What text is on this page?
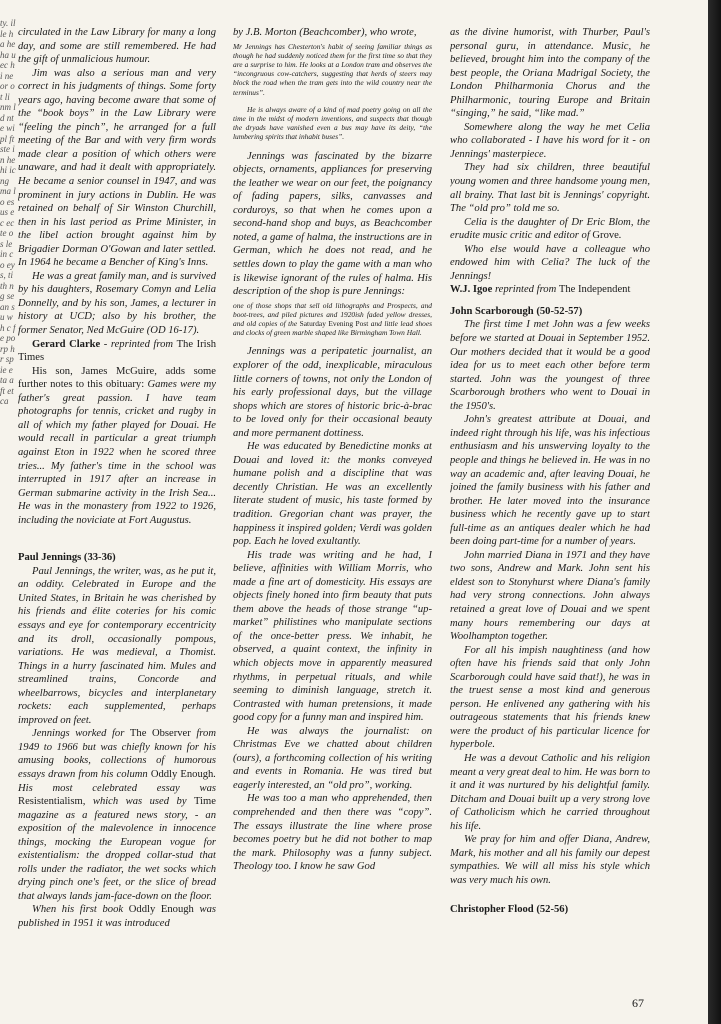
ty. il le ha he ha u ec hi ne or ot li nm ld nte wi pl ft ste in he hi ic ng ma lo es us ec ec te os le in co ey s, ti th ng se an su wh c fe po rp hr sp ie e ta aft et ca

circulated in the Law Library for many a long day, and some are still remembered. He had the gift of unmalicious humour.

Jim was also a serious man and very correct in his judgments of things. Some forty years ago, having become aware that some of the “book boys” in the Law Library were “feeling the pinch”, he arranged for a full meeting of the Bar and with very firm words made clear a position of which others were unaware, and had it dealt with appropriately. He became a senior counsel in 1947, and was prominent in jury actions in Dublin. He was retained on behalf of Sir Winston Churchill, then in his last period as Prime Minister, in the libel action brought against him by Brigadier Dorman O'Gowan and later settled. In 1964 he became a Bencher of King's Inns.

He was a great family man, and is survived by his daughters, Rosemary Comyn and Lelia Donnelly, and by his son, James, a lecturer in history at UCD; also by his brother, the former Senator, Ned McGuire (OD 16-17).

Gerard Clarke - reprinted from The Irish Times

His son, James McGuire, adds some further notes to this obituary: Games were my father's great passion. I have team photographs for tennis, cricket and rugby in all of which my father played for Douai. He would recall in particular a great triumph against Eton in 1922 when he scored three tries... My father's time in the school was interrupted in 1917 after an increase in German submarine activity in the Irish Sea... He was in the monastery from 1922 to 1926, including the noviciate at Fort Augustus.

Paul Jennings (33-36)

Paul Jennings, the writer, was, as he put it, an oddity. Celebrated in Europe and the United States, in Britain he was cherished by his friends and élite coteries for his comic essays and eye for contemporary eccentricity and its droll, occasionally pompous, variations. He was medieval, a Thomist. Things in a hurry fascinated him. Mules and streamlined trains, Concorde and wheelbarrows, bicycles and interplanetary rockets: each supplemented, perhaps improved on feet.

Jennings worked for The Observer from 1949 to 1966 but was chiefly known for his amusing books, collections of humorous essays drawn from his column Oddly Enough. His most celebrated essay was Resistentialism, which was used by Time magazine as a featured news story, - an exposition of the malevolence in innocence things, mocking the European vogue for existentialism: the dropped collar-stud that rolls under the radiator, the wet socks which drying pinch one's feet, or the slice of bread that always lands jam-face-down on the floor.

When his first book Oddly Enough was published in 1951 it was introduced

by J.B. Morton (Beachcomber), who wrote,

Mr Jennings has Chesterton's habit of seeing familiar things as though he had suddenly noticed them for the first time so that they are a surprise to him. He looks at a London tram and observes the “incongruous cow-catchers, suggesting that herds of steers may block the road when the tram gets into the wild country near the terminus”.

He is always aware of a kind of mad poetry going on all the time in the midst of modern inventions, and suspects that though the dryads have vanished even a bus may have its deity, “the lumbering spirits that inhabit buses”.

Jennings was fascinated by the bizarre objects, ornaments, appliances for preserving the leather we wear on our feet, the poignancy of fading papers, silks, canvasses and corduroys, so that when he comes upon a second-hand shop and buys, as Beachcomber noted, a game of halma, the instructions are in German, which he does not read, and he settles down to play the game with a man who is likewise ignorant of the rules of halma. His description of the shop is pure Jennings:

one of those shops that sell old lithographs and Prospects, and boot-trees, and piled pictures and 1920ish faded yellow dresses, and old copies of the Saturday Evening Post and little lead shoes and clocks of green marble shaped like Birmingham Town Hall.

Jennings was a peripatetic journalist, an explorer of the odd, inexplicable, miraculous little corners of towns, not only the London of his early professional days, but the village shops which are stores of historic bric-à-brac to be loved only for their occasional beauty and more permanent dottiness.

He was educated by Benedictine monks at Douai and loved it: the monks conveyed humane polish and a discipline that was decently Christian. He was an excellently literate student of music, his taste formed by tradition. Gregorian chant was prayer, the happiness it inspired golden; Verdi was golden pop. Each he loved exultantly.

His trade was writing and he had, I believe, affinities with William Morris, who made a fine art of domesticity. His essays are objects finely honed into firm beauty that puts them above the heads of those strange “up-market” philistines who manipulate sections of the once-better press. We inhabit, he observed, a quaint context, the infinity in which objects move in apparently measured rhythms, in perpetual rituals, and while seeming to diminish language, stretch it. Contrasted with human pretensions, it made good copy for a funny man and inspired him.

He was always the journalist: on Christmas Eve we chatted about children (ours), a forthcoming collection of his writing and events in Romania. He was tired but eagerly interested, an “old pro”, working.

He was too a man who apprehended, then comprehended and then there was “copy”. The essays illustrate the line where prose becomes poetry but he did not bother to map the mark. Philosophy was a funny subject. Theology too. I know he saw God

as the divine humorist, with Thurber, Paul's personal guru, in attendance. Music, he believed, brought him into the company of the best people, the Oriana Madrigal Society, the London Philharmonia Chorus and the Philharmonic, touring Europe and Britain “singing,” he said, “like mad.”

Somewhere along the way he met Celia who collaborated - I have his word for it - on Jennings' masterpiece.

They had six children, three beautiful young women and three handsome young men, all brainy. That last bit is Jennings' copyright. The “old pro” told me so.

Celia is the daughter of Dr Eric Blom, the erudite music critic and editor of Grove.

Who else would have a colleague who endowed him with Celia? The luck of the Jennings!

W.J. Igoe reprinted from The Independent

John Scarborough (50-52-57)

The first time I met John was a few weeks before we started at Douai in September 1952. Our mothers decided that it would be a good idea for us to meet each other before term started. John was the youngest of three Scarborough brothers who went to Douai in the 1950's.

John's greatest attribute at Douai, and indeed right through his life, was his infectious enthusiasm and his unswerving loyalty to the people and things he believed in. He was in no way an academic and, after leaving Douai, he joined the family business with his father and brother. He later moved into the insurance business which he recently gave up to start full-time as an antiques dealer which he had been doing part-time for a number of years.

John married Diana in 1971 and they have two sons, Andrew and Mark. John sent his eldest son to Stonyhurst where Diana's family had very strong connections. John always retained a great love of Douai and we spent many hours remembering our days at Woolhampton together.

For all his impish naughtiness (and how often have his friends said that only John Scarborough could have said that!), he was in the truest sense a most kind and generous person. He enlivened any gathering with his outrageous statements that his friends knew were the product of his particular licence for hyperbole.

He was a devout Catholic and his religion meant a very great deal to him. He was born to it and it was nurtured by his delightful family. Ditcham and Douai built up a very strong love of Catholicism which he carried throughout his life.

We pray for him and offer Diana, Andrew, Mark, his mother and all his family our depest sympathies. We will all miss his style which was very much his own.

Christopher Flood (52-56)

67
